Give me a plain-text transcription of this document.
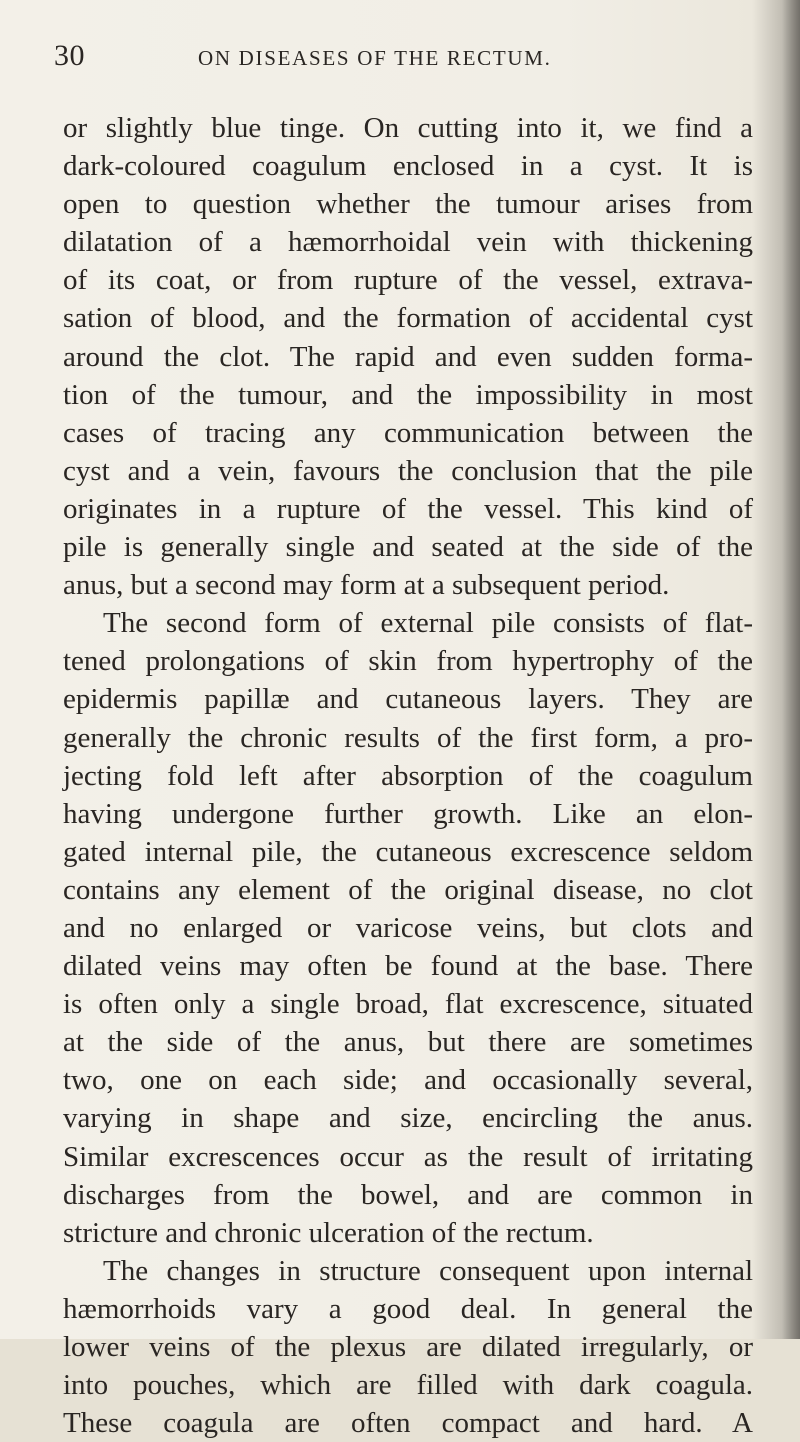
30	ON DISEASES OF THE RECTUM.
or slightly blue tinge. On cutting into it, we find a
dark-coloured coagulum enclosed in a cyst. It is
open to question whether the tumour arises from
dilatation of a hæmorrhoidal vein with thickening
of its coat, or from rupture of the vessel, extrava-
sation of blood, and the formation of accidental cyst
around the clot. The rapid and even sudden forma-
tion of the tumour, and the impossibility in most
cases of tracing any communication between the
cyst and a vein, favours the conclusion that the pile
originates in a rupture of the vessel. This kind of
pile is generally single and seated at the side of the
anus, but a second may form at a subsequent period.
The second form of external pile consists of flat-
tened prolongations of skin from hypertrophy of the
epidermis papillæ and cutaneous layers. They are
generally the chronic results of the first form, a pro-
jecting fold left after absorption of the coagulum
having undergone further growth. Like an elon-
gated internal pile, the cutaneous excrescence seldom
contains any element of the original disease, no clot
and no enlarged or varicose veins, but clots and
dilated veins may often be found at the base. There
is often only a single broad, flat excrescence, situated
at the side of the anus, but there are sometimes
two, one on each side; and occasionally several,
varying in shape and size, encircling the anus.
Similar excrescences occur as the result of irritating
discharges from the bowel, and are common in
stricture and chronic ulceration of the rectum.
The changes in structure consequent upon internal
hæmorrhoids vary a good deal. In general the
lower veins of the plexus are dilated irregularly, or
into pouches, which are filled with dark coagula.
These coagula are often compact and hard. A
